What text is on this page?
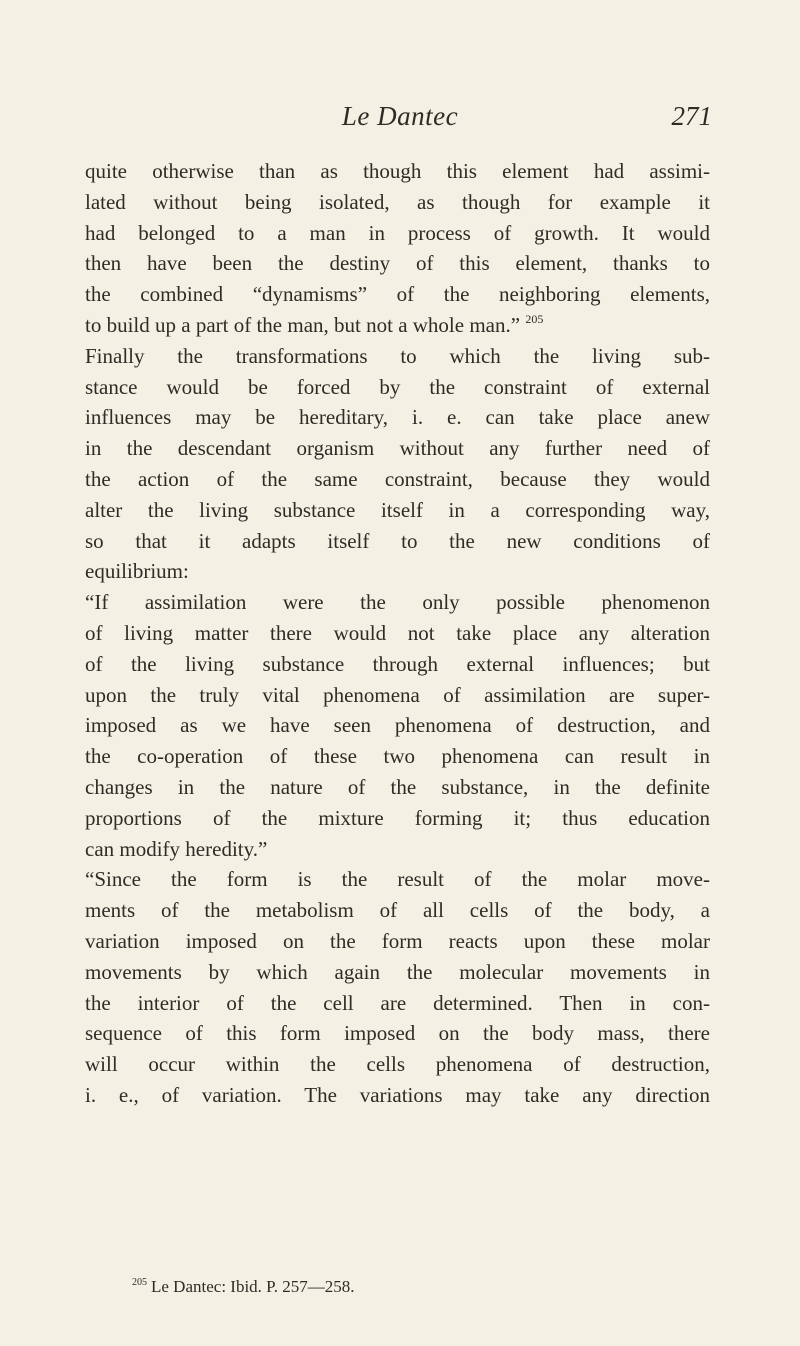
Le Dantec	271
quite otherwise than as though this element had assimi-
lated without being isolated, as though for example it
had belonged to a man in process of growth. It would
then have been the destiny of this element, thanks to
the combined “dynamisms” of the neighboring elements,
to build up a part of the man, but not a whole man.” $^{205}$
Finally the transformations to which the living sub-
stance would be forced by the constraint of external
influences may be hereditary, i. e. can take place anew
in the descendant organism without any further need of
the action of the same constraint, because they would
alter the living substance itself in a corresponding way,
so that it adapts itself to the new conditions of
equilibrium:
“If assimilation were the only possible phenomenon
of living matter there would not take place any alteration
of the living substance through external influences; but
upon the truly vital phenomena of assimilation are super-
imposed as we have seen phenomena of destruction, and
the co-operation of these two phenomena can result in
changes in the nature of the substance, in the definite
proportions of the mixture forming it; thus education
can modify heredity.”
“Since the form is the result of the molar move-
ments of the metabolism of all cells of the body, a
variation imposed on the form reacts upon these molar
movements by which again the molecular movements in
the interior of the cell are determined. Then in con-
sequence of this form imposed on the body mass, there
will occur within the cells phenomena of destruction,
i. e., of variation. The variations may take any direction
$^{205}$ Le Dantec: Ibid. P. 257—258.
